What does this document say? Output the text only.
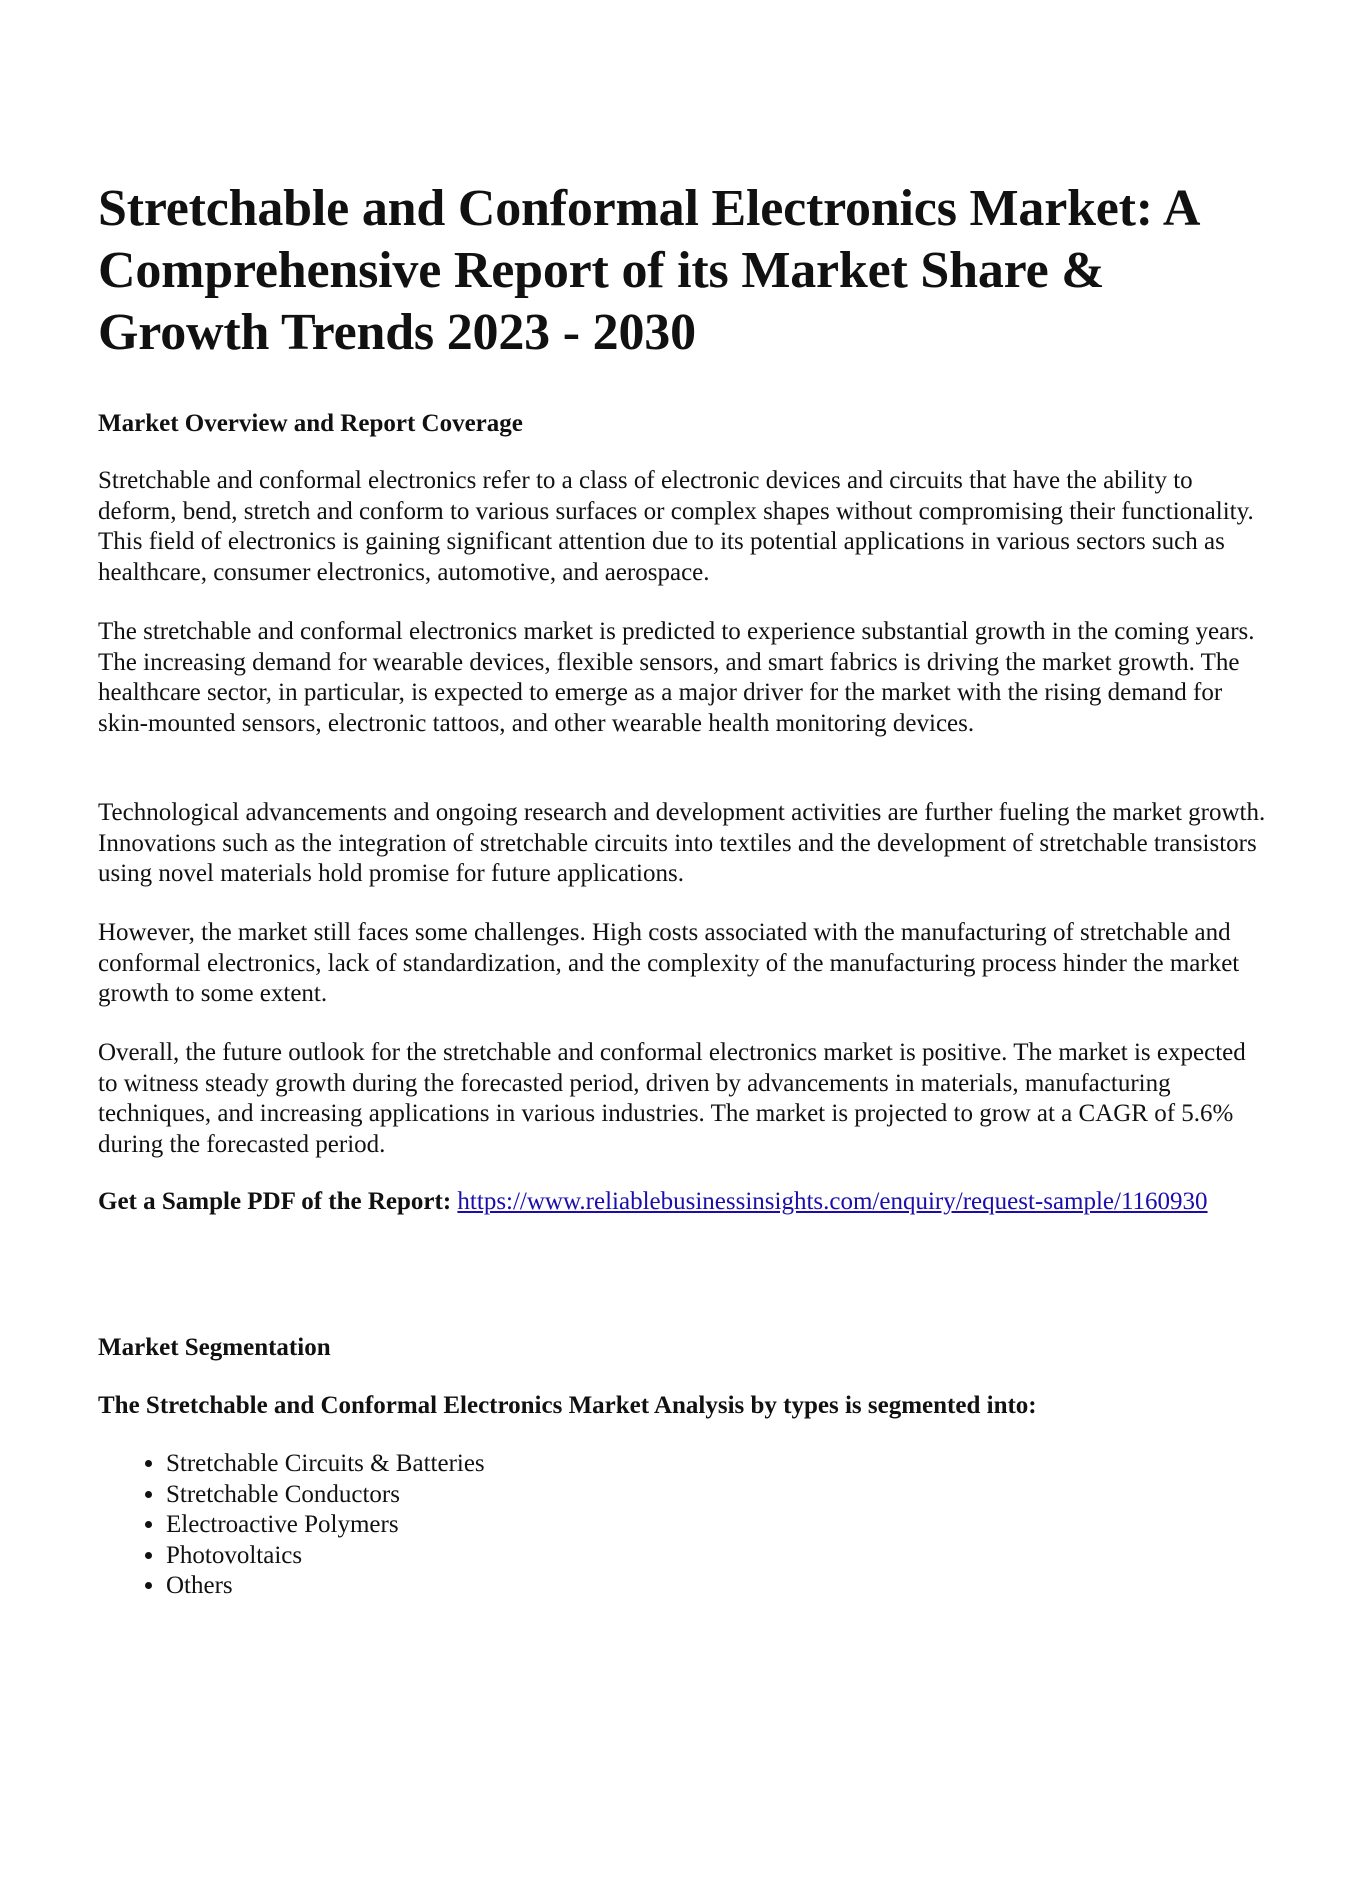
Stretchable and Conformal Electronics Market: A Comprehensive Report of its Market Share & Growth Trends 2023 - 2030
Market Overview and Report Coverage

Stretchable and conformal electronics refer to a class of electronic devices and circuits that have the ability to deform, bend, stretch and conform to various surfaces or complex shapes without compromising their functionality. This field of electronics is gaining significant attention due to its potential applications in various sectors such as healthcare, consumer electronics, automotive, and aerospace.

The stretchable and conformal electronics market is predicted to experience substantial growth in the coming years. The increasing demand for wearable devices, flexible sensors, and smart fabrics is driving the market growth. The healthcare sector, in particular, is expected to emerge as a major driver for the market with the rising demand for skin-mounted sensors, electronic tattoos, and other wearable health monitoring devices.

Technological advancements and ongoing research and development activities are further fueling the market growth. Innovations such as the integration of stretchable circuits into textiles and the development of stretchable transistors using novel materials hold promise for future applications.

However, the market still faces some challenges. High costs associated with the manufacturing of stretchable and conformal electronics, lack of standardization, and the complexity of the manufacturing process hinder the market growth to some extent.

Overall, the future outlook for the stretchable and conformal electronics market is positive. The market is expected to witness steady growth during the forecasted period, driven by advancements in materials, manufacturing techniques, and increasing applications in various industries. The market is projected to grow at a CAGR of 5.6% during the forecasted period.

Get a Sample PDF of the Report: https://www.reliablebusinessinsights.com/enquiry/request-sample/1160930

Market Segmentation
The Stretchable and Conformal Electronics Market Analysis by types is segmented into:
• Stretchable Circuits & Batteries
• Stretchable Conductors
• Electroactive Polymers
• Photovoltaics
• Others
